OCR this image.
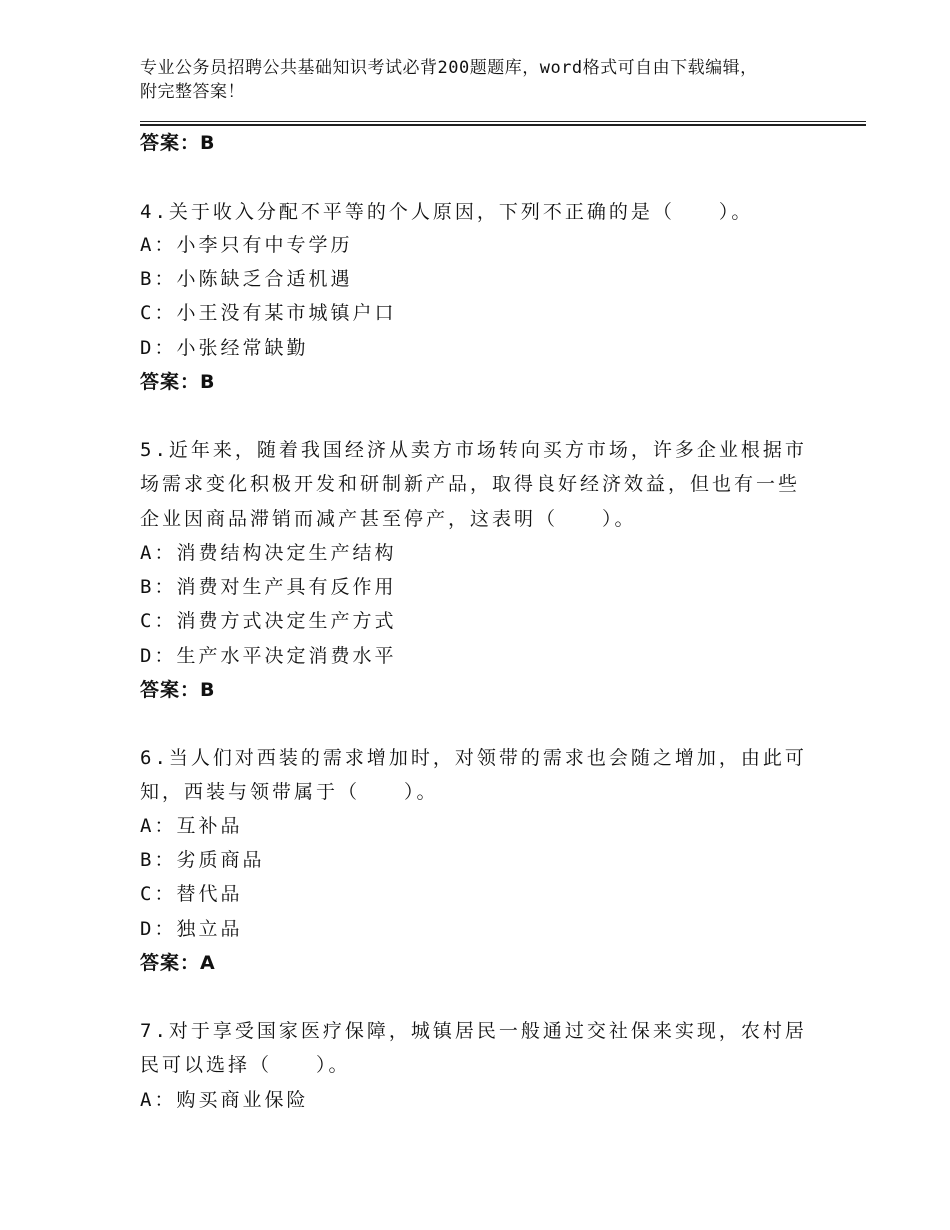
专业公务员招聘公共基础知识考试必背200题题库，word格式可自由下载编辑，
附完整答案！
答案：B
4.关于收入分配不平等的个人原因，下列不正确的是（　　）。
A：小李只有中专学历
B：小陈缺乏合适机遇
C：小王没有某市城镇户口
D：小张经常缺勤
答案：B
5.近年来，随着我国经济从卖方市场转向买方市场，许多企业根据市
场需求变化积极开发和研制新产品，取得良好经济效益，但也有一些
企业因商品滞销而减产甚至停产，这表明（　　）。
A：消费结构决定生产结构
B：消费对生产具有反作用
C：消费方式决定生产方式
D：生产水平决定消费水平
答案：B
6.当人们对西装的需求增加时，对领带的需求也会随之增加，由此可
知，西装与领带属于（　　）。
A：互补品
B：劣质商品
C：替代品
D：独立品
答案：A
7.对于享受国家医疗保障，城镇居民一般通过交社保来实现，农村居
民可以选择（　　）。
A：购买商业保险
